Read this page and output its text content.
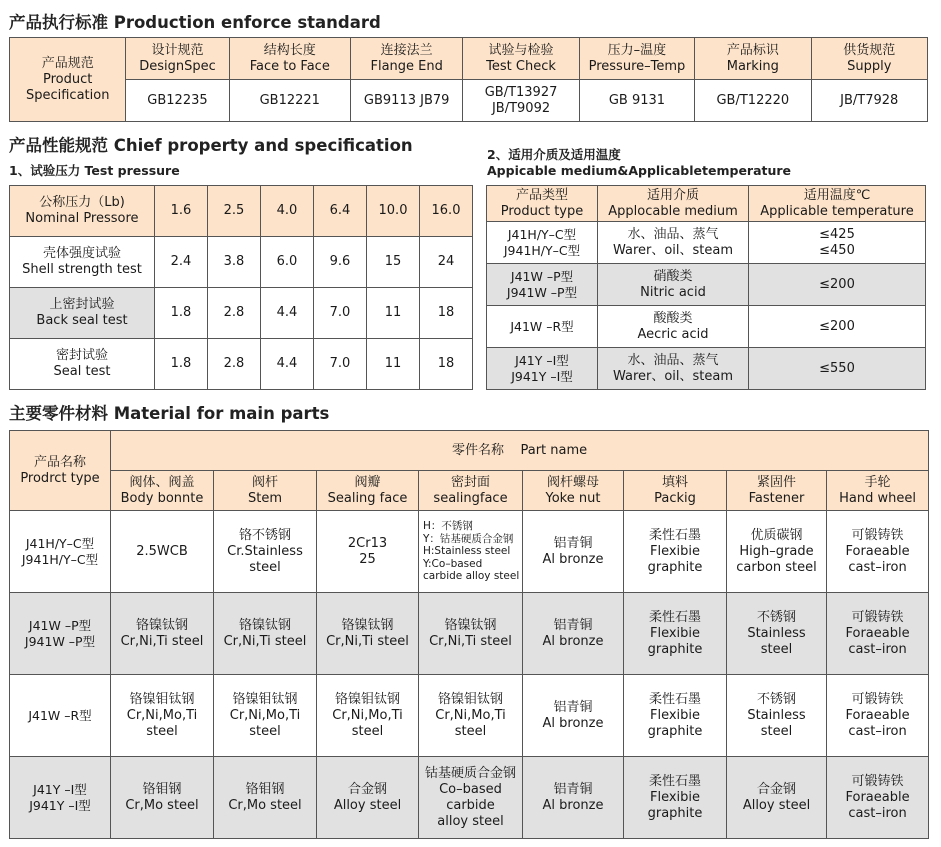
产品执行标准 Production enforce standard
产品规范
Product
Specification	设计规范
DesignSpec	结构长度
Face to Face	连接法兰
Flange End	试验与检验
Test Check	压力–温度
Pressure–Temp	产品标识
Marking	供货规范
Supply

	GB12235	GB12221	GB9113 JB79	GB/T13927
JB/T9092	GB 9131	GB/T12220	JB/T7928
产品性能规范 Chief property and specification
1、试验压力 Test pressure
2、适用介质及适用温度
Appicable medium&Applicabletemperature
公称压力（Lb)
Nominal Pressore	1.6	2.5	4.0	6.4	10.0	16.0

壳体强度试验
Shell strength test	2.4	3.8	6.0	9.6	15	24

上密封试验
Back seal test	1.8	2.8	4.4	7.0	11	18

密封试验
Seal test	1.8	2.8	4.4	7.0	11	18
产品类型
Product type	适用介质
Applocable medium	适用温度℃
Applicable temperature

J41H/Y–C型
J941H/Y–C型	水、油品、蒸气
Warer、oil、steam	≤425
≤450

J41W –P型
J941W –P型	硝酸类
Nitric acid	≤200

J41W –R型	酸酸类
Aecric acid	≤200

J41Y –I型
J941Y –I型	水、油品、蒸气
Warer、oil、steam	≤550
主要零件材料 Material for main parts
产品名称
Prodrct type	零件名称    Part name							

	阀体、阀盖
Body bonnte	阀杆
Stem	阀瓣
Sealing face	密封面
sealingface	阀杆螺母
Yoke nut	填料
Packig	紧固件
Fastener	手轮
Hand wheel

J41H/Y–C型
J941H/Y–C型	2.5WCB	铬不锈钢
Cr.Stainless
steel	2Cr13
25	H：不锈钢
Y：钴基硬质合金钢
H:Stainless steel
Y:Co–based
carbide alloy steel	铝青铜
Al bronze	柔性石墨
Flexibie
graphite	优质碳钢
High–grade
carbon steel	可锻铸铁
Foraeable
cast–iron

J41W –P型
J941W –P型	铬镍钛钢
Cr,Ni,Ti steel	铬镍钛钢
Cr,Ni,Ti steel	铬镍钛钢
Cr,Ni,Ti steel	铬镍钛钢
Cr,Ni,Ti steel	铝青铜
Al bronze	柔性石墨
Flexibie
graphite	不锈钢
Stainless
steel	可锻铸铁
Foraeable
cast–iron

J41W –R型	铬镍钼钛钢
Cr,Ni,Mo,Ti
steel	铬镍钼钛钢
Cr,Ni,Mo,Ti
steel	铬镍钼钛钢
Cr,Ni,Mo,Ti
steel	铬镍钼钛钢
Cr,Ni,Mo,Ti
steel	铝青铜
Al bronze	柔性石墨
Flexibie
graphite	不锈钢
Stainless
steel	可锻铸铁
Foraeable
cast–iron

J41Y –I型
J941Y –I型	铬钼钢
Cr,Mo steel	铬钼钢
Cr,Mo steel	合金钢
Alloy steel	钴基硬质合金钢
Co–based
carbide
alloy steel	铝青铜
Al bronze	柔性石墨
Flexibie
graphite	合金钢
Alloy steel	可锻铸铁
Foraeable
cast–iron
